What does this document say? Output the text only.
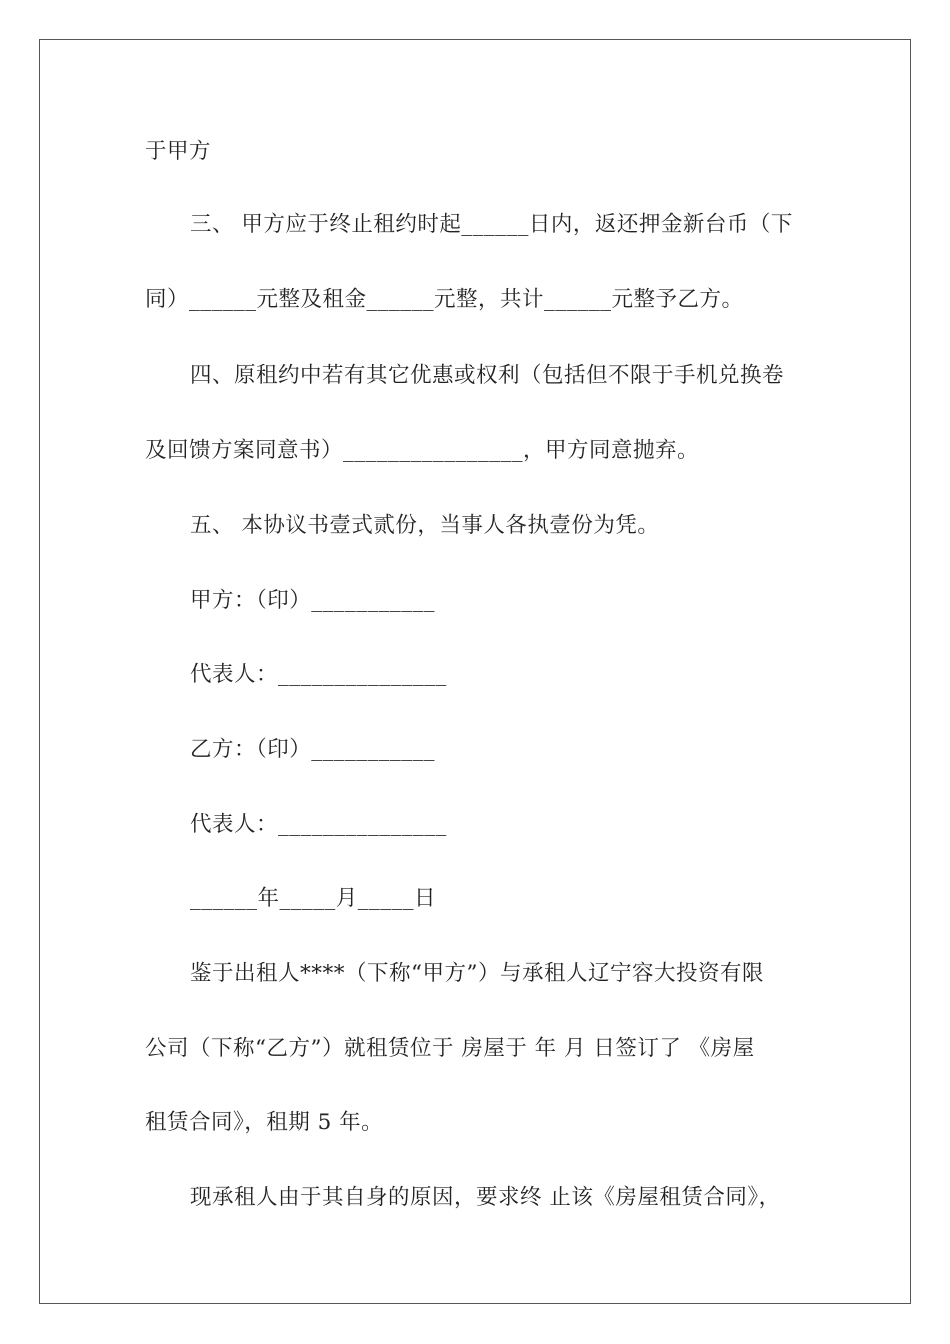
于甲方
三、 甲方应于终止租约时起______日内，返还押金新台币（下
同）______元整及租金______元整，共计______元整予乙方。
四、原租约中若有其它优惠或权利（包括但不限于手机兑换卷
及回馈方案同意书）________________，甲方同意抛弃。
五、 本协议书壹式贰份，当事人各执壹份为凭。
甲方：（印）___________
代表人：_______________
乙方：（印）___________
代表人：_______________
______年_____月_____日
鉴于出租人****（下称“甲方”）与承租人辽宁容大投资有限
公司（下称“乙方”）就租赁位于 房屋于 年 月 日签订了 《房屋
租赁合同》，租期 5 年。
现承租人由于其自身的原因，要求终 止该《房屋租赁合同》，
